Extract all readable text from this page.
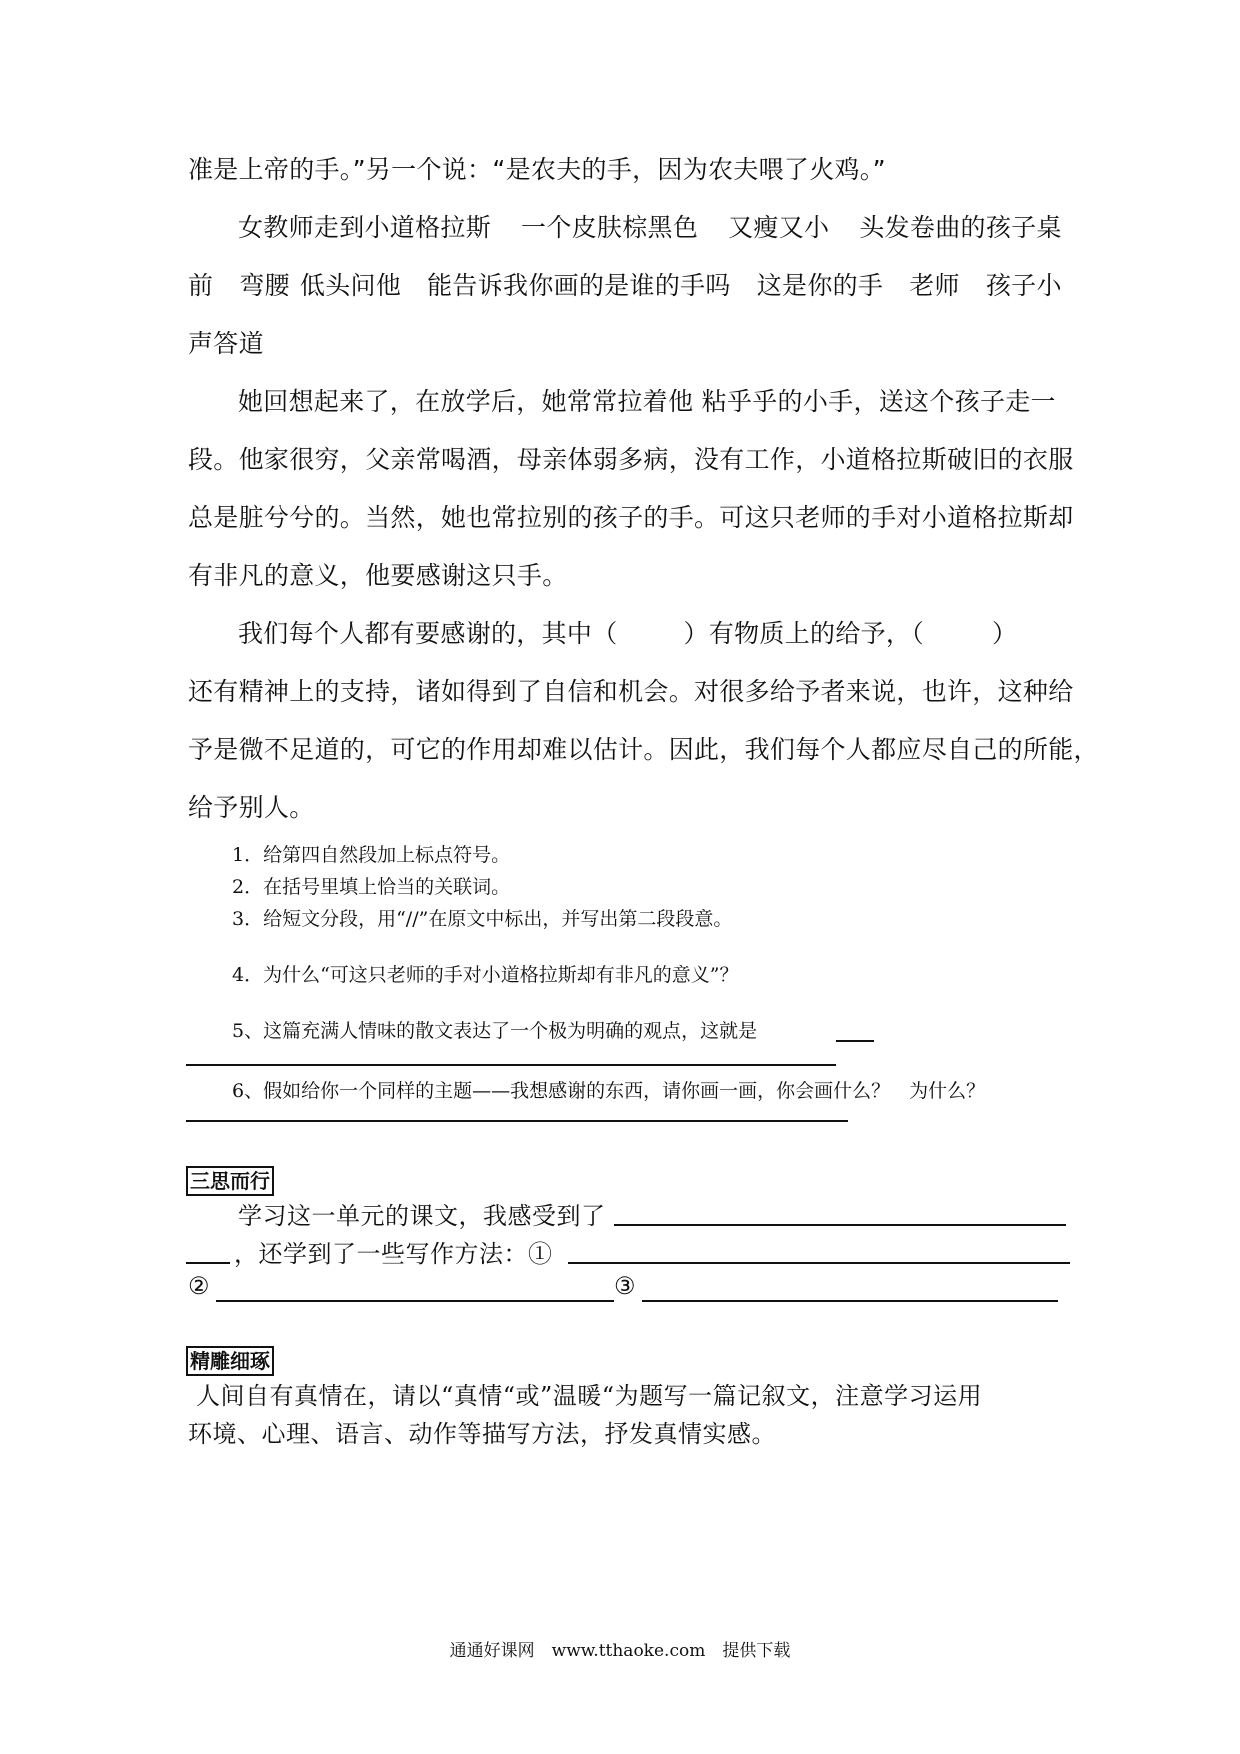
准是上帝的手。”另一个说：“是农夫的手，因为农夫喂了火鸡。”
女教师走到小道格拉斯 一个皮肤棕黑色 又瘦又小 头发卷曲的孩子桌
前 弯腰 低头问他 能告诉我你画的是谁的手吗 这是你的手 老师 孩子小
声答道
她回想起来了，在放学后，她常常拉着他 粘乎乎的小手，送这个孩子走一
段。他家很穷，父亲常喝酒，母亲体弱多病，没有工作，小道格拉斯破旧的衣服
总是脏兮兮的。当然，她也常拉别的孩子的手。可这只老师的手对小道格拉斯却
有非凡的意义，他要感谢这只手。
我们每个人都有要感谢的，其中（	）有物质上的给予，（	）
还有精神上的支持，诸如得到了自信和机会。对很多给予者来说，也许，这种给
予是微不足道的，可它的作用却难以估计。因此，我们每个人都应尽自己的所能，
给予别人。
1．给第四自然段加上标点符号。
2．在括号里填上恰当的关联词。
3．给短文分段，用“//”在原文中标出，并写出第二段段意。
4．为什么“可这只老师的手对小道格拉斯却有非凡的意义”？
5、这篇充满人情味的散文表达了一个极为明确的观点，这就是
6、假如给你一个同样的主题——我想感谢的东西，请你画一画，你会画什么？　为什么？
三思而行
学习这一单元的课文，我感受到了
，还学到了一些写作方法：①
②	③
精雕细琢
人间自有真情在，请以“真情“或”温暖“为题写一篇记叙文，注意学习运用
环境、心理、语言、动作等描写方法，抒发真情实感。
通通好课网　www.tthaoke.com　提供下载
